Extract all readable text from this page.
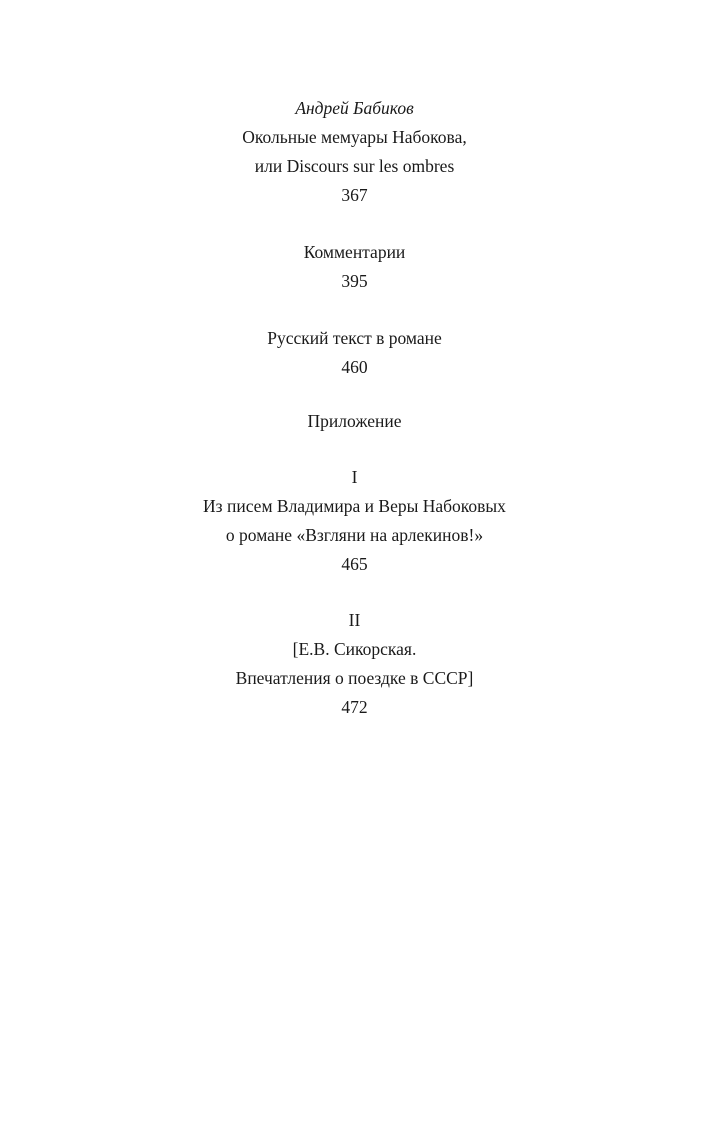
Андрей Бабиков
Окольные мемуары Набокова,
или Discours sur les ombres
367
Комментарии
395
Русский текст в романе
460
Приложение
I
Из писем Владимира и Веры Набоковых
о романе «Взгляни на арлекинов!»
465
II
[Е.В. Сикорская.
Впечатления о поездке в СССР]
472
